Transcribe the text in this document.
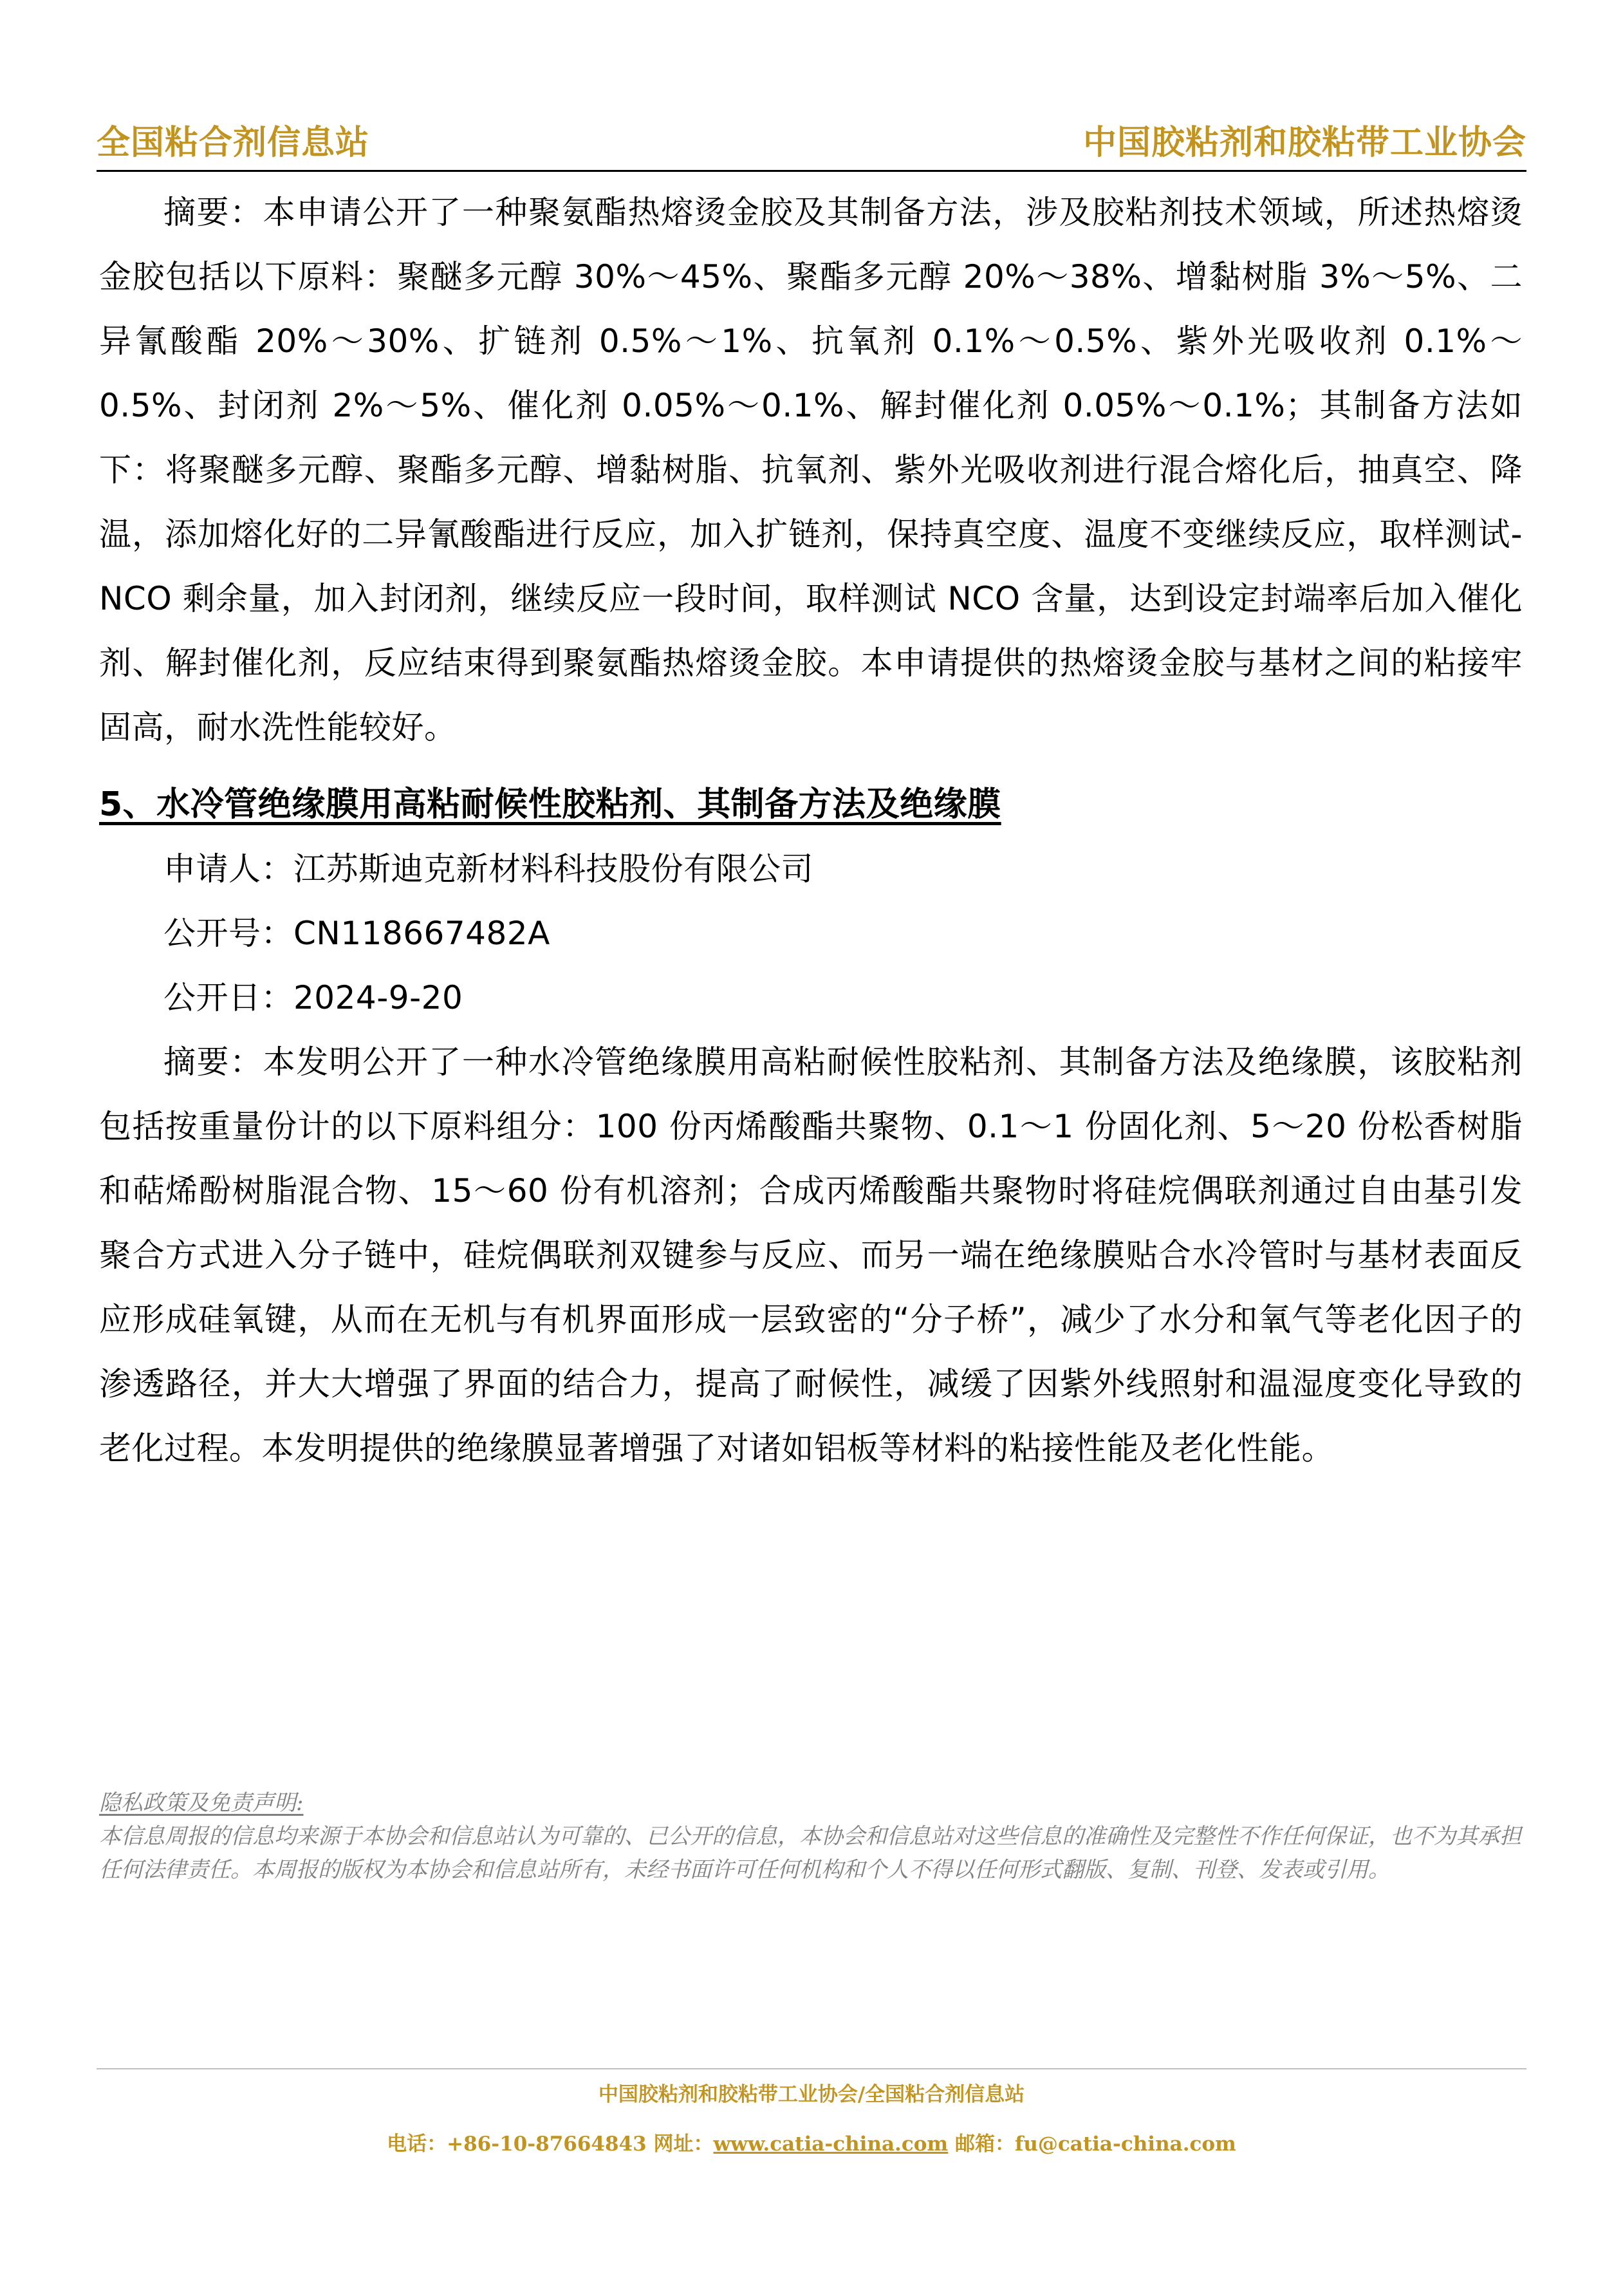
全国粘合剂信息站	中国胶粘剂和胶粘带工业协会

摘要：本申请公开了一种聚氨酯热熔烫金胶及其制备方法，涉及胶粘剂技术领域，所述热熔烫金胶包括以下原料：聚醚多元醇 30%～45%、聚酯多元醇 20%～38%、增黏树脂 3%～5%、二异氰酸酯 20%～30%、扩链剂 0.5%～1%、抗氧剂 0.1%～0.5%、紫外光吸收剂 0.1%～0.5%、封闭剂 2%～5%、催化剂 0.05%～0.1%、解封催化剂 0.05%～0.1%；其制备方法如下：将聚醚多元醇、聚酯多元醇、增黏树脂、抗氧剂、紫外光吸收剂进行混合熔化后，抽真空、降温，添加熔化好的二异氰酸酯进行反应，加入扩链剂，保持真空度、温度不变继续反应，取样测试-NCO 剩余量，加入封闭剂，继续反应一段时间，取样测试 NCO 含量，达到设定封端率后加入催化剂、解封催化剂，反应结束得到聚氨酯热熔烫金胶。本申请提供的热熔烫金胶与基材之间的粘接牢固高，耐水洗性能较好。

5、水冷管绝缘膜用高粘耐候性胶粘剂、其制备方法及绝缘膜

申请人：江苏斯迪克新材料科技股份有限公司

公开号：CN118667482A

公开日：2024-9-20

摘要：本发明公开了一种水冷管绝缘膜用高粘耐候性胶粘剂、其制备方法及绝缘膜，该胶粘剂包括按重量份计的以下原料组分：100 份丙烯酸酯共聚物、0.1～1 份固化剂、5～20 份松香树脂和萜烯酚树脂混合物、15～60 份有机溶剂；合成丙烯酸酯共聚物时将硅烷偶联剂通过自由基引发聚合方式进入分子链中，硅烷偶联剂双键参与反应、而另一端在绝缘膜贴合水冷管时与基材表面反应形成硅氧键，从而在无机与有机界面形成一层致密的“分子桥”，减少了水分和氧气等老化因子的渗透路径，并大大增强了界面的结合力，提高了耐候性，减缓了因紫外线照射和温湿度变化导致的老化过程。本发明提供的绝缘膜显著增强了对诸如铝板等材料的粘接性能及老化性能。

隐私政策及免责声明:
本信息周报的信息均来源于本协会和信息站认为可靠的、已公开的信息，本协会和信息站对这些信息的准确性及完整性不作任何保证，也不为其承担任何法律责任。本周报的版权为本协会和信息站所有，未经书面许可任何机构和个人不得以任何形式翻版、复制、刊登、发表或引用。
中国胶粘剂和胶粘带工业协会/全国粘合剂信息站
电话：+86-10-87664843 网址：www.catia-china.com 邮箱：fu@catia-china.com
